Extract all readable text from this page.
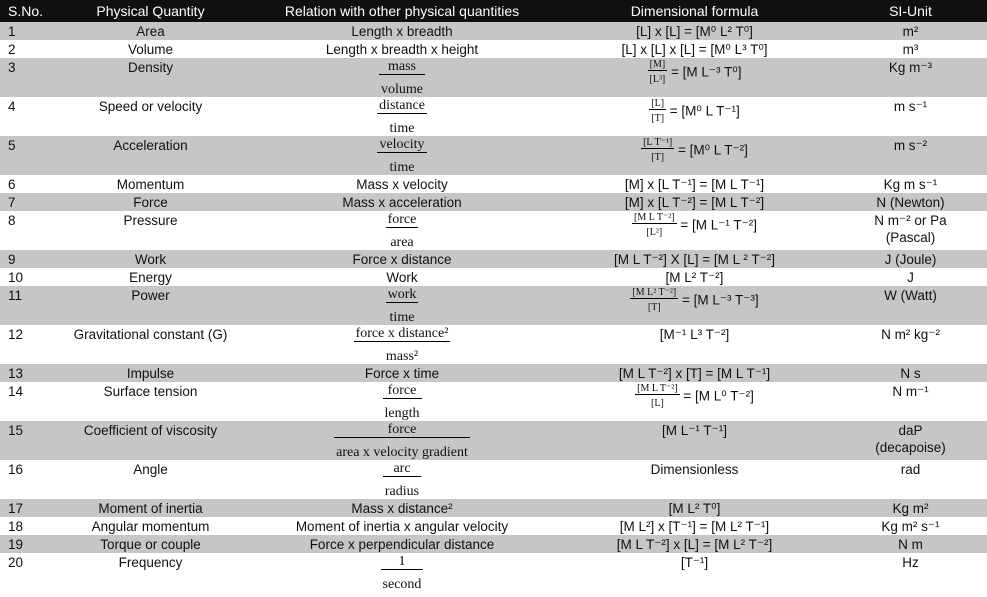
S.No.	Physical Quantity	Relation with other physical quantities	Dimensional formula	SI-Unit
1	Area	Length x breadth	[L] x [L] = [M⁰ L² T⁰]	m²

2	Volume	Length x breadth x height	[L] x [L] x [L] = [M⁰ L³ T⁰]	m³

3	Density	$\frac{\text{mass}}{\text{volume}}$	$\frac{[M]}{\text{[L³]}} = [M$ L⁻³ T⁰]	Kg m⁻³

4	Speed or velocity	$\frac{\text{distance}}{\text{time}}$	$\frac{[L]}{[T]} = [M^0$ L T⁻¹]	m s⁻¹

5	Acceleration	$\frac{\text{velocity}}{\text{time}}$	$\frac{\text{[L T⁻¹]}}{[T]} = [M^0$ L T⁻²]	m s⁻²

6	Momentum	Mass x velocity	[M] x [L T⁻¹] = [M L T⁻¹]	Kg m s⁻¹

7	Force	Mass x acceleration	[M] x [L T⁻²] = [M L T⁻²]	N (Newton)

8	Pressure	$\frac{\text{force}}{\text{area}}$	$\frac{\text{[M L T⁻²]}}{\text{[L²]}} = [M$ L⁻¹ T⁻²]	N m⁻² or Pa
(Pascal)

9	Work	Force x distance	[M L T⁻²] X [L] = [M L ² T⁻²]	J (Joule)

10	Energy	Work	[M L² T⁻²]	J

11	Power	$\frac{\text{work}}{\text{time}}$	$\frac{\text{[M L² T⁻²]}}{[T]} = [M$ L⁻³ T⁻³]	W (Watt)

12	Gravitational constant (G)	$\frac{\text{force x distance²}}{\text{mass²}}$	[M⁻¹ L³ T⁻²]	N m² kg⁻²

13	Impulse	Force x time	[M L T⁻²] x [T] = [M L T⁻¹]	N s

14	Surface tension	$\frac{\text{force}}{\text{length}}$	$\frac{\text{[M L T⁻²]}}{[L]} = [M$ L⁰ T⁻²]	N m⁻¹

15	Coefficient of viscosity	$\frac{\text{force}}{\text{area x velocity gradient}}$	[M L⁻¹ T⁻¹]	daP
(decapoise)

16	Angle	$\frac{\text{arc}}{\text{radius}}$	Dimensionless	rad

17	Moment of inertia	Mass x distance²	[M L² T⁰]	Kg m²

18	Angular momentum	Moment of inertia x angular velocity	[M L²] x [T⁻¹] = [M L² T⁻¹]	Kg m² s⁻¹

19	Torque or couple	Force x perpendicular distance	[M L T⁻²] x [L] = [M L² T⁻²]	N m

20	Frequency	$\frac{1}{\text{second}}$	[T⁻¹]	Hz
